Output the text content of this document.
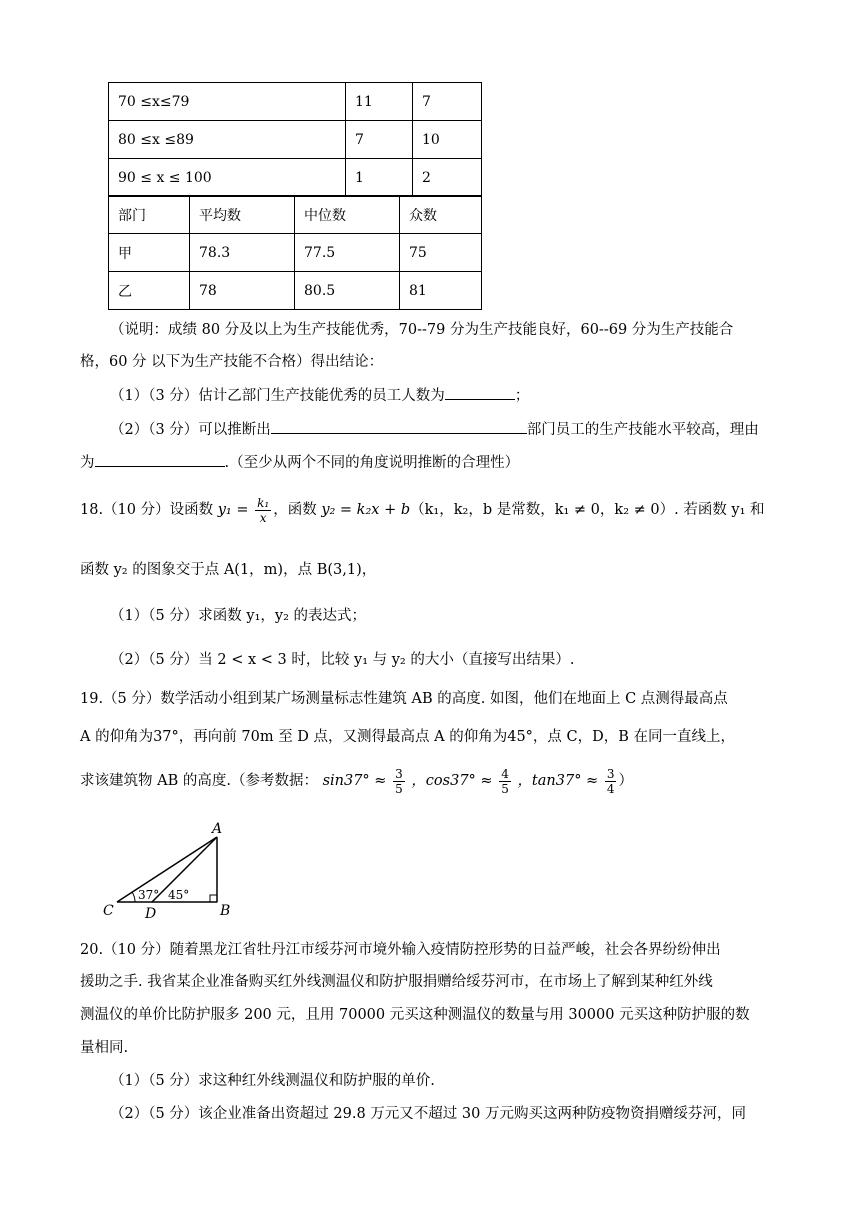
70 ≤x≤79	11	7
80 ≤x ≤89	7	10
90 ≤ x ≤ 100	1	2
部门	平均数	中位数	众数
甲	78.3	77.5	75
乙	78	80.5	81
（说明：成绩 80 分及以上为生产技能优秀，70--79 分为生产技能良好，60--69 分为生产技能合
格，60 分 以下为生产技能不合格）得出结论：
（1）（3 分）估计乙部门生产技能优秀的员工人数为	；
（2）（3 分）可以推断出	部门员工的生产技能水平较高，理由
为	.（至少从两个不同的角度说明推断的合理性）
18.（10 分）设函数 $y_1 = \frac{\text{k₁}}{x}$ ，函数 y₂ = k₂x + b（k₁，k₂，b 是常数，k₁ ≠ 0，k₂ ≠ 0）. 若函数 y₁ 和
函数 y₂ 的图象交于点 A(1，m)，点 B(3,1)，
（1）（5 分）求函数 y₁，y₂ 的表达式；
（2）（5 分）当 2 < x < 3 时，比较 y₁ 与 y₂ 的大小（直接写出结果）.
19.（5 分）数学活动小组到某广场测量标志性建筑 AB 的高度. 如图，他们在地面上 C 点测得最高点
A 的仰角为37°，再向前 70m 至 D 点，又测得最高点 A 的仰角为45°，点 C，D，B 在同一直线上，
求该建筑物 AB 的高度.（参考数据： $\sin 37^\circ \approx \frac{3}{5}$ ，$\cos 37^\circ \approx \frac{4}{5}$ ，$\tan 37^\circ \approx \frac{3}{4}$ ）
A
B
C D
37° 45°
20.（10 分）随着黑龙江省牡丹江市绥芬河市境外输入疫情防控形势的日益严峻，社会各界纷纷伸出
援助之手. 我省某企业准备购买红外线测温仪和防护服捐赠给绥芬河市，在市场上了解到某种红外线
测温仪的单价比防护服多 200 元，且用 70000 元买这种测温仪的数量与用 30000 元买这种防护服的数
量相同.
（1）（5 分）求这种红外线测温仪和防护服的单价.
（2）（5 分）该企业准备出资超过 29.8 万元又不超过 30 万元购买这两种防疫物资捐赠绥芬河，同
